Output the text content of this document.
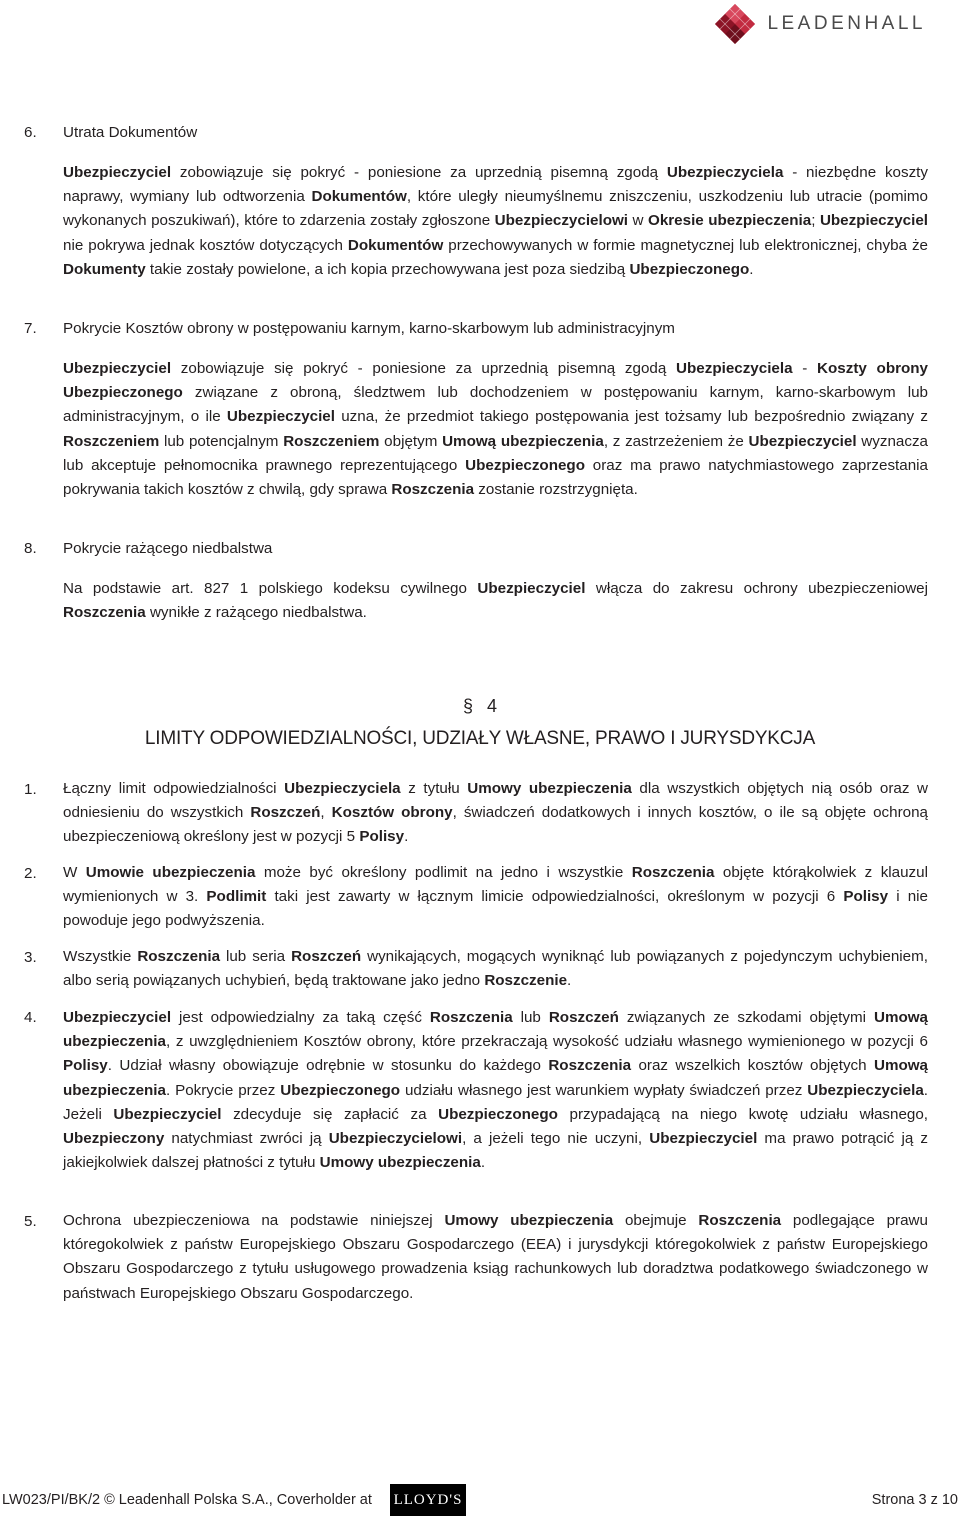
LEADENHALL
6. Utrata Dokumentów
Ubezpieczyciel zobowiązuje się pokryć - poniesione za uprzednią pisemną zgodą Ubezpieczyciela - niezbędne koszty naprawy, wymiany lub odtworzenia Dokumentów, które uległy nieumyślnemu zniszczeniu, uszkodzeniu lub utracie (pomimo wykonanych poszukiwań), które to zdarzenia zostały zgłoszone Ubezpieczycielowi w Okresie ubezpieczenia; Ubezpieczyciel nie pokrywa jednak kosztów dotyczących Dokumentów przechowywanych w formie magnetycznej lub elektronicznej, chyba że Dokumenty takie zostały powielone, a ich kopia przechowywana jest poza siedzibą Ubezpieczonego.
7. Pokrycie Kosztów obrony w postępowaniu karnym, karno-skarbowym lub administracyjnym
Ubezpieczyciel zobowiązuje się pokryć - poniesione za uprzednią pisemną zgodą Ubezpieczyciela - Koszty obrony Ubezpieczonego związane z obroną, śledztwem lub dochodzeniem w postępowaniu karnym, karno-skarbowym lub administracyjnym, o ile Ubezpieczyciel uzna, że przedmiot takiego postępowania jest tożsamy lub bezpośrednio związany z Roszczeniem lub potencjalnym Roszczeniem objętym Umową ubezpieczenia, z zastrzeżeniem że Ubezpieczyciel wyznacza lub akceptuje pełnomocnika prawnego reprezentującego Ubezpieczonego oraz ma prawo natychmiastowego zaprzestania pokrywania takich kosztów z chwilą, gdy sprawa Roszczenia zostanie rozstrzygnięta.
8. Pokrycie rażącego niedbalstwa
Na podstawie art. 827 1 polskiego kodeksu cywilnego Ubezpieczyciel włącza do zakresu ochrony ubezpieczeniowej Roszczenia wynikłe z rażącego niedbalstwa.
§ 4
LIMITY ODPOWIEDZIALNOŚCI, UDZIAŁY WŁASNE, PRAWO I JURYSDYKCJA
1. Łączny limit odpowiedzialności Ubezpieczyciela z tytułu Umowy ubezpieczenia dla wszystkich objętych nią osób oraz w odniesieniu do wszystkich Roszczeń, Kosztów obrony, świadczeń dodatkowych i innych kosztów, o ile są objęte ochroną ubezpieczeniową określony jest w pozycji 5 Polisy.
2. W Umowie ubezpieczenia może być określony podlimit na jedno i wszystkie Roszczenia objęte którąkolwiek z klauzul wymienionych w 3. Podlimit taki jest zawarty w łącznym limicie odpowiedzialności, określonym w pozycji 6 Polisy i nie powoduje jego podwyższenia.
3. Wszystkie Roszczenia lub seria Roszczeń wynikających, mogących wyniknąć lub powiązanych z pojedynczym uchybieniem, albo serią powiązanych uchybień, będą traktowane jako jedno Roszczenie.
4. Ubezpieczyciel jest odpowiedzialny za taką część Roszczenia lub Roszczeń związanych ze szkodami objętymi Umową ubezpieczenia, z uwzględnieniem Kosztów obrony, które przekraczają wysokość udziału własnego wymienionego w pozycji 6 Polisy. Udział własny obowiązuje odrębnie w stosunku do każdego Roszczenia oraz wszelkich kosztów objętych Umową ubezpieczenia. Pokrycie przez Ubezpieczonego udziału własnego jest warunkiem wypłaty świadczeń przez Ubezpieczyciela. Jeżeli Ubezpieczyciel zdecyduje się zapłacić za Ubezpieczonego przypadającą na niego kwotę udziału własnego, Ubezpieczony natychmiast zwróci ją Ubezpieczycielowi, a jeżeli tego nie uczyni, Ubezpieczyciel ma prawo potrącić ją z jakiejkolwiek dalszej płatności z tytułu Umowy ubezpieczenia.
5. Ochrona ubezpieczeniowa na podstawie niniejszej Umowy ubezpieczenia obejmuje Roszczenia podlegające prawu któregokolwiek z państw Europejskiego Obszaru Gospodarczego (EEA) i jurysdykcji któregokolwiek z państw Europejskiego Obszaru Gospodarczego z tytułu usługowego prowadzenia ksiąg rachunkowych lub doradztwa podatkowego świadczonego w państwach Europejskiego Obszaru Gospodarczego.
LW023/PI/BK/2 © Leadenhall Polska S.A., Coverholder at LLOYD'S	Strona 3 z 10
